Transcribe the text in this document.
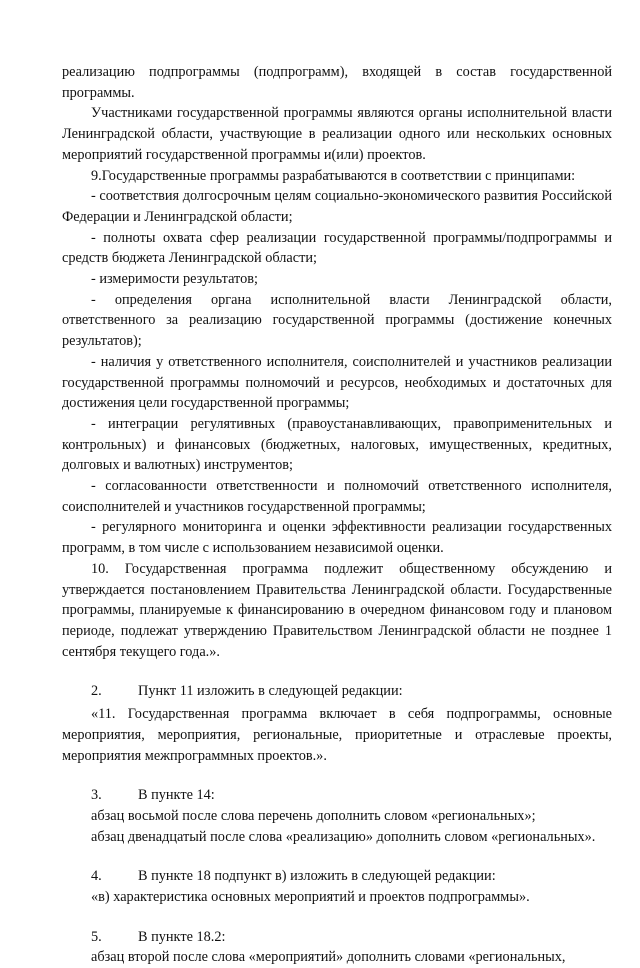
реализацию подпрограммы (подпрограмм), входящей в состав государственной программы.

Участниками государственной программы являются органы исполнительной власти Ленинградской области, участвующие в реализации одного или нескольких основных мероприятий государственной программы и(или) проектов.

9.Государственные программы разрабатываются в соответствии с принципами:

- соответствия долгосрочным целям социально-экономического развития Российской Федерации и Ленинградской области;

- полноты охвата сфер реализации государственной программы/подпрограммы и средств бюджета Ленинградской области;

- измеримости результатов;

- определения органа исполнительной власти Ленинградской области, ответственного за реализацию государственной программы (достижение конечных результатов);

- наличия у ответственного исполнителя, соисполнителей и участников реализации государственной программы полномочий и ресурсов, необходимых и достаточных для достижения цели государственной программы;

- интеграции регулятивных (правоустанавливающих, правоприменительных и контрольных) и финансовых (бюджетных, налоговых, имущественных, кредитных, долговых и валютных) инструментов;

- согласованности ответственности и полномочий ответственного исполнителя, соисполнителей и участников государственной программы;

- регулярного мониторинга и оценки эффективности реализации государственных программ, в том числе с использованием независимой оценки.

10. Государственная программа подлежит общественному обсуждению и утверждается постановлением Правительства Ленинградской области. Государственные программы, планируемые к финансированию в очередном финансовом году и плановом периоде, подлежат утверждению Правительством Ленинградской области не позднее 1 сентября текущего года.».

2.	Пункт 11 изложить в следующей редакции:

«11. Государственная программа включает в себя подпрограммы, основные мероприятия, мероприятия, региональные, приоритетные и отраслевые проекты, мероприятия межпрограммных проектов.».

3.	В пункте 14:

абзац восьмой после слова перечень дополнить словом «региональных»;

абзац двенадцатый после слова «реализацию» дополнить словом «региональных».

4.	В пункте 18 подпункт в) изложить в следующей редакции:

«в) характеристика основных мероприятий и проектов подпрограммы».

5.	В пункте 18.2:

абзац второй после слова «мероприятий» дополнить словами «региональных,
